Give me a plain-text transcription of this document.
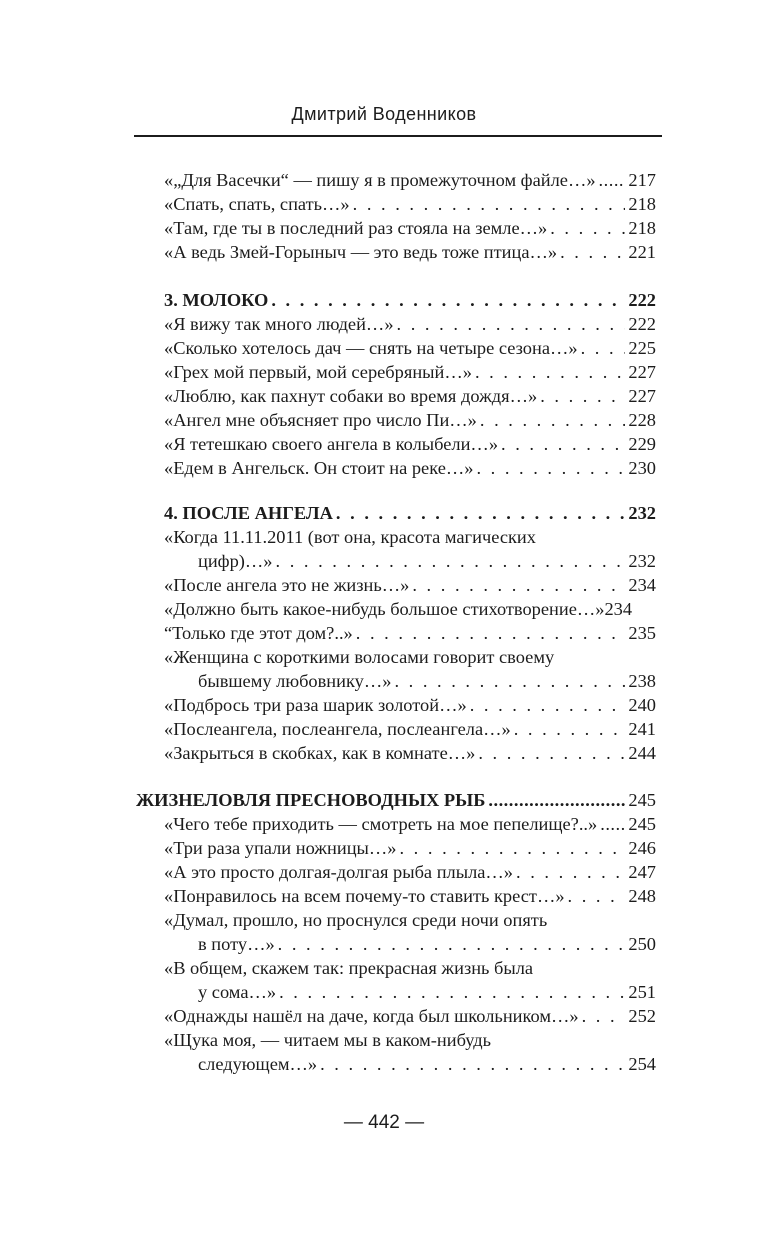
Дмитрий Воденников
«„Для Васечки“ — пишу я в промежуточном файле…» ..... 217
«Спать, спать, спать…» . . .	218
«Там, где ты в последний раз стояла на земле…» . . .	218
«А ведь Змей-Горыныч — это ведь тоже птица…» . . .	221
3. МОЛОКО . . .	222
«Я вижу так много людей…» . . .	222
«Сколько хотелось дач — снять на четыре сезона…» . . .	225
«Грех мой первый, мой серебряный…» . . .	227
«Люблю, как пахнут собаки во время дождя…» . . .	227
«Ангел мне объясняет про число Пи…» . . .	228
«Я тетешкаю своего ангела в колыбели…» . . .	229
«Едем в Ангельск. Он стоит на реке…» . . .	230
4. ПОСЛЕ АНГЕЛА . . .	232
«Когда 11.11.2011 (вот она, красота магических
цифр)…» . . .	232
«После ангела это не жизнь…» . . .	234
«Должно быть какое-нибудь большое стихотворение…» 234
“Только где этот дом?..» . . .	235
«Женщина с короткими волосами говорит своему
бывшему любовнику…» . . .	238
«Подбрось три раза шарик золотой…» . . .	240
«Послеангела, послеангела, послеангела…» . . .	241
«Закрыться в скобках, как в комнате…» . . .	244
ЖИЗНЕЛОВЛЯ ПРЕСНОВОДНЫХ РЫБ .....	245
«Чего тебе приходить — смотреть на мое пепелище?..» ..... 245
«Три раза упали ножницы…» . . .	246
«А это просто долгая-долгая рыба плыла…» . . .	247
«Понравилось на всем почему-то ставить крест…» . . .	248
«Думал, прошло, но проснулся среди ночи опять
в поту…» . . .	250
«В общем, скажем так: прекрасная жизнь была
у сома…» . . .	251
«Однажды нашёл на даче, когда был школьником…» . . .	252
«Щука моя, — читаем мы в каком-нибудь
следующем…» . . .	254
— 442 —
